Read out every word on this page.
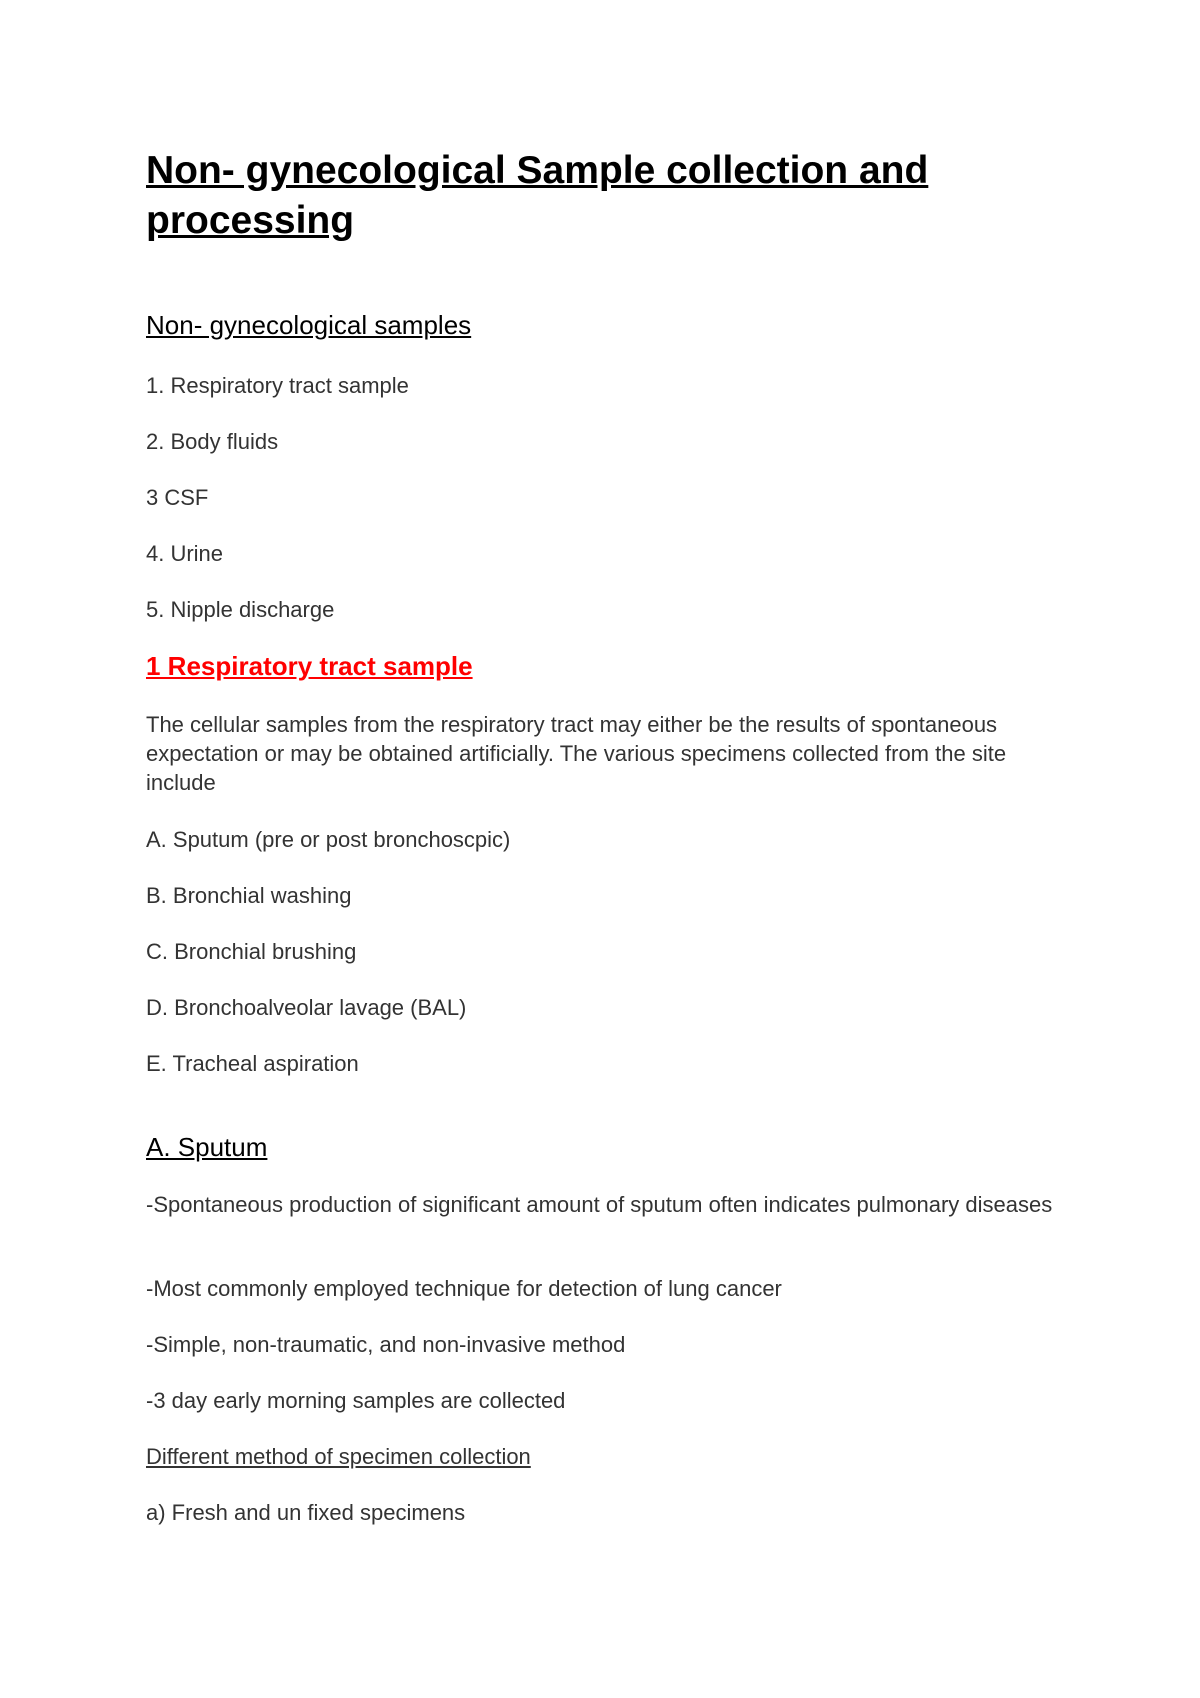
Non- gynecological Sample collection and processing
Non- gynecological samples
1. Respiratory tract sample
2. Body fluids
3 CSF
4. Urine
5. Nipple discharge
1 Respiratory tract sample
The cellular samples from the respiratory tract may either be the results of spontaneous expectation or may be obtained artificially. The various specimens collected from the site include
A. Sputum (pre or post bronchoscpic)
B. Bronchial washing
C. Bronchial brushing
D. Bronchoalveolar lavage (BAL)
E. Tracheal aspiration
A. Sputum
-Spontaneous production of significant amount of sputum often indicates pulmonary diseases
-Most commonly employed technique for detection of lung cancer
-Simple, non-traumatic, and non-invasive method
-3 day early morning samples are collected
Different method of specimen collection
a) Fresh and un fixed specimens
